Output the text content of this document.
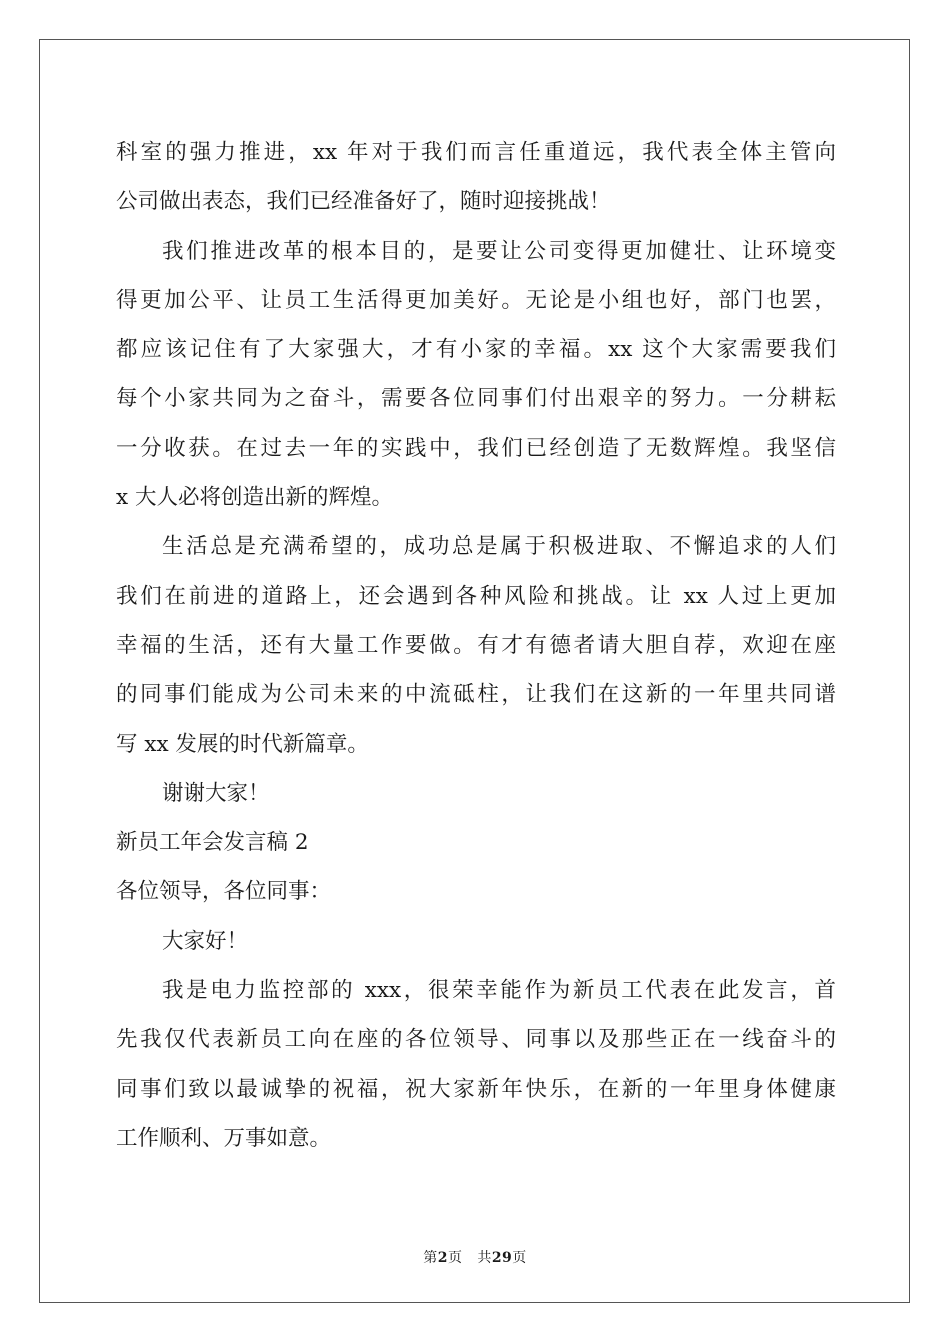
科室的强力推进，xx 年对于我们而言任重道远，我代表全体主管向
公司做出表态，我们已经准备好了，随时迎接挑战！
我们推进改革的根本目的，是要让公司变得更加健壮、让环境变
得更加公平、让员工生活得更加美好。无论是小组也好，部门也罢，
都应该记住有了大家强大，才有小家的幸福。xx 这个大家需要我们
每个小家共同为之奋斗，需要各位同事们付出艰辛的努力。一分耕耘
一分收获。在过去一年的实践中，我们已经创造了无数辉煌。我坚信
x 大人必将创造出新的辉煌。
生活总是充满希望的，成功总是属于积极进取、不懈追求的人们
我们在前进的道路上，还会遇到各种风险和挑战。让 xx 人过上更加
幸福的生活，还有大量工作要做。有才有德者请大胆自荐，欢迎在座
的同事们能成为公司未来的中流砥柱，让我们在这新的一年里共同谱
写 xx 发展的时代新篇章。
谢谢大家！
新员工年会发言稿 2
各位领导，各位同事：
大家好！
我是电力监控部的 xxx，很荣幸能作为新员工代表在此发言，首
先我仅代表新员工向在座的各位领导、同事以及那些正在一线奋斗的
同事们致以最诚挚的祝福，祝大家新年快乐，在新的一年里身体健康
工作顺利、万事如意。
第2页 共29页
